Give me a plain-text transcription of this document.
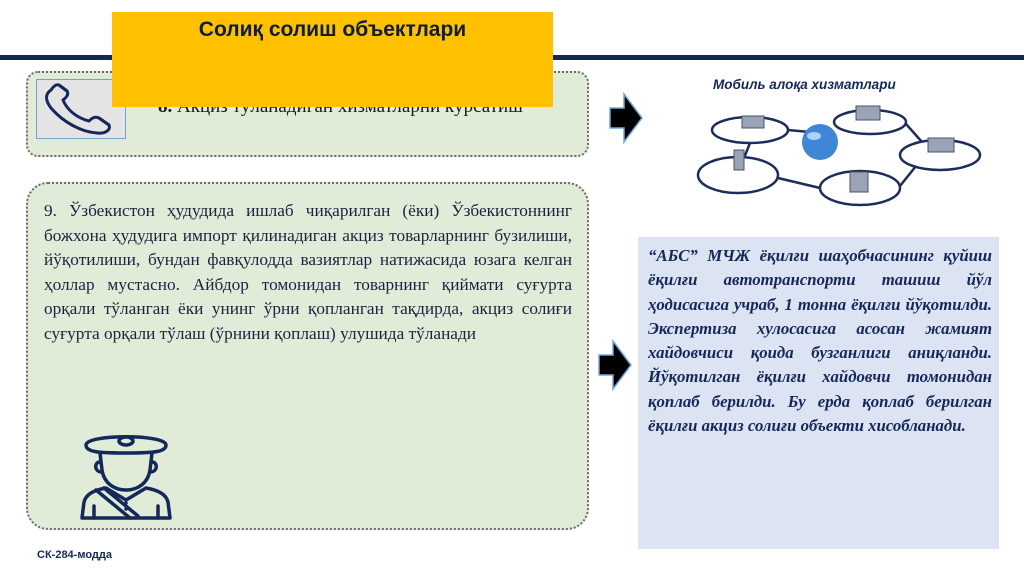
Солиқ солиш объектлари
9. Ўзбекистон ҳудудида ишлаб чиқарилган (ёки) Ўзбекистоннинг божхона ҳудудига импорт қилинадиган акциз товарларнинг бузилиши, йўқотилиши, бундан фавқулодда вазиятлар натижасида юзага келган ҳоллар мустасно. Айбдор томонидан товарнинг қиймати суғурта орқали тўланган ёки унинг ўрни қопланган тақдирда, акциз солиғи суғурта орқали тўлаш (ўрнини қоплаш) улушида тўланади
СК-284-модда
Мобиль алоқа хизматлари
“АБС” МЧЖ ёқилғи шаҳобчасининг қуйиш ёқилғи автотранспорти ташиш йўл ҳодисасига учраб, 1 тонна ёқилғи йўқотилди. Экспертиза хулосасига асосан жамият хайдовчиси қоида бузганлиги аниқланди. Йўқотилган ёқилғи хайдовчи томонидан қоплаб берилди. Бу ерда қоплаб берилган ёқилғи акциз солиғи объекти хисобланади.
